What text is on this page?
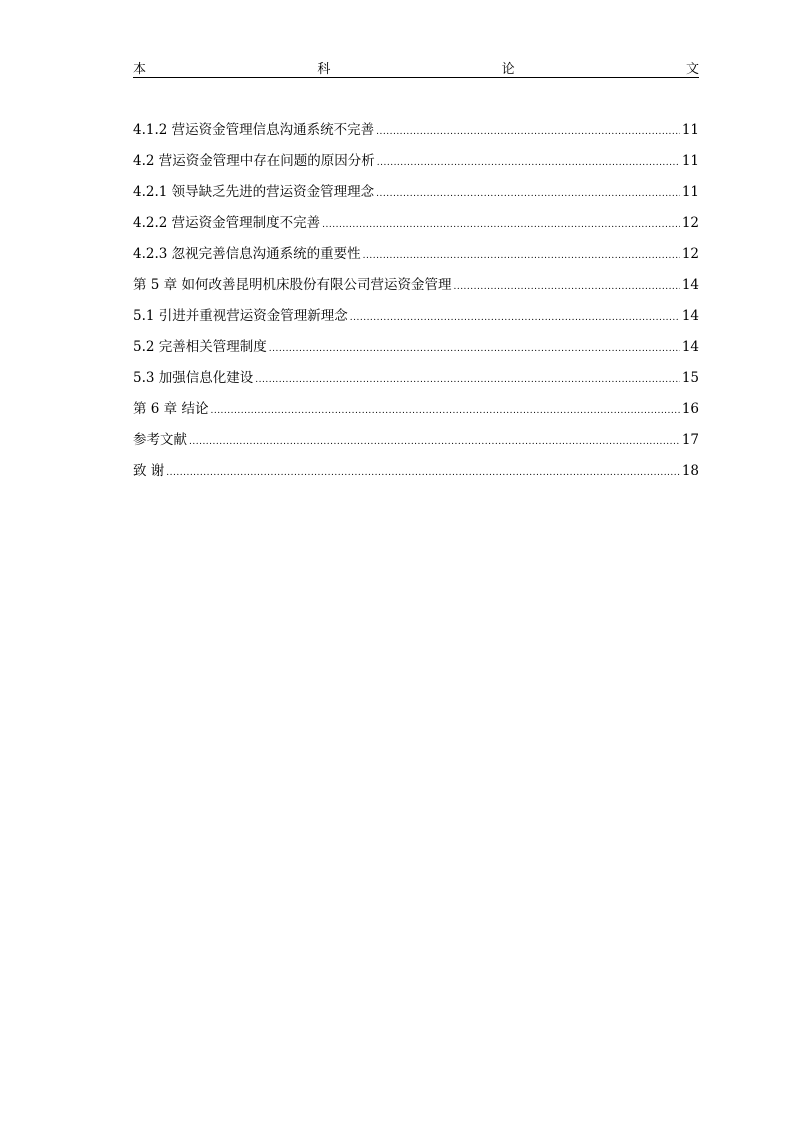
本	科	论	文
4.1.2 营运资金管理信息沟通系统不完善 .....	11
4.2 营运资金管理中存在问题的原因分析 .....	11
4.2.1 领导缺乏先进的营运资金管理理念 .....	11
4.2.2 营运资金管理制度不完善 .....	12
4.2.3 忽视完善信息沟通系统的重要性 .....	12
第 5 章 如何改善昆明机床股份有限公司营运资金管理 .....	14
5.1 引进并重视营运资金管理新理念 .....	14
5.2 完善相关管理制度 .....	14
5.3 加强信息化建设 .....	15
第 6 章 结论 .....	16
参考文献 .....	17
致 谢 .....	18
